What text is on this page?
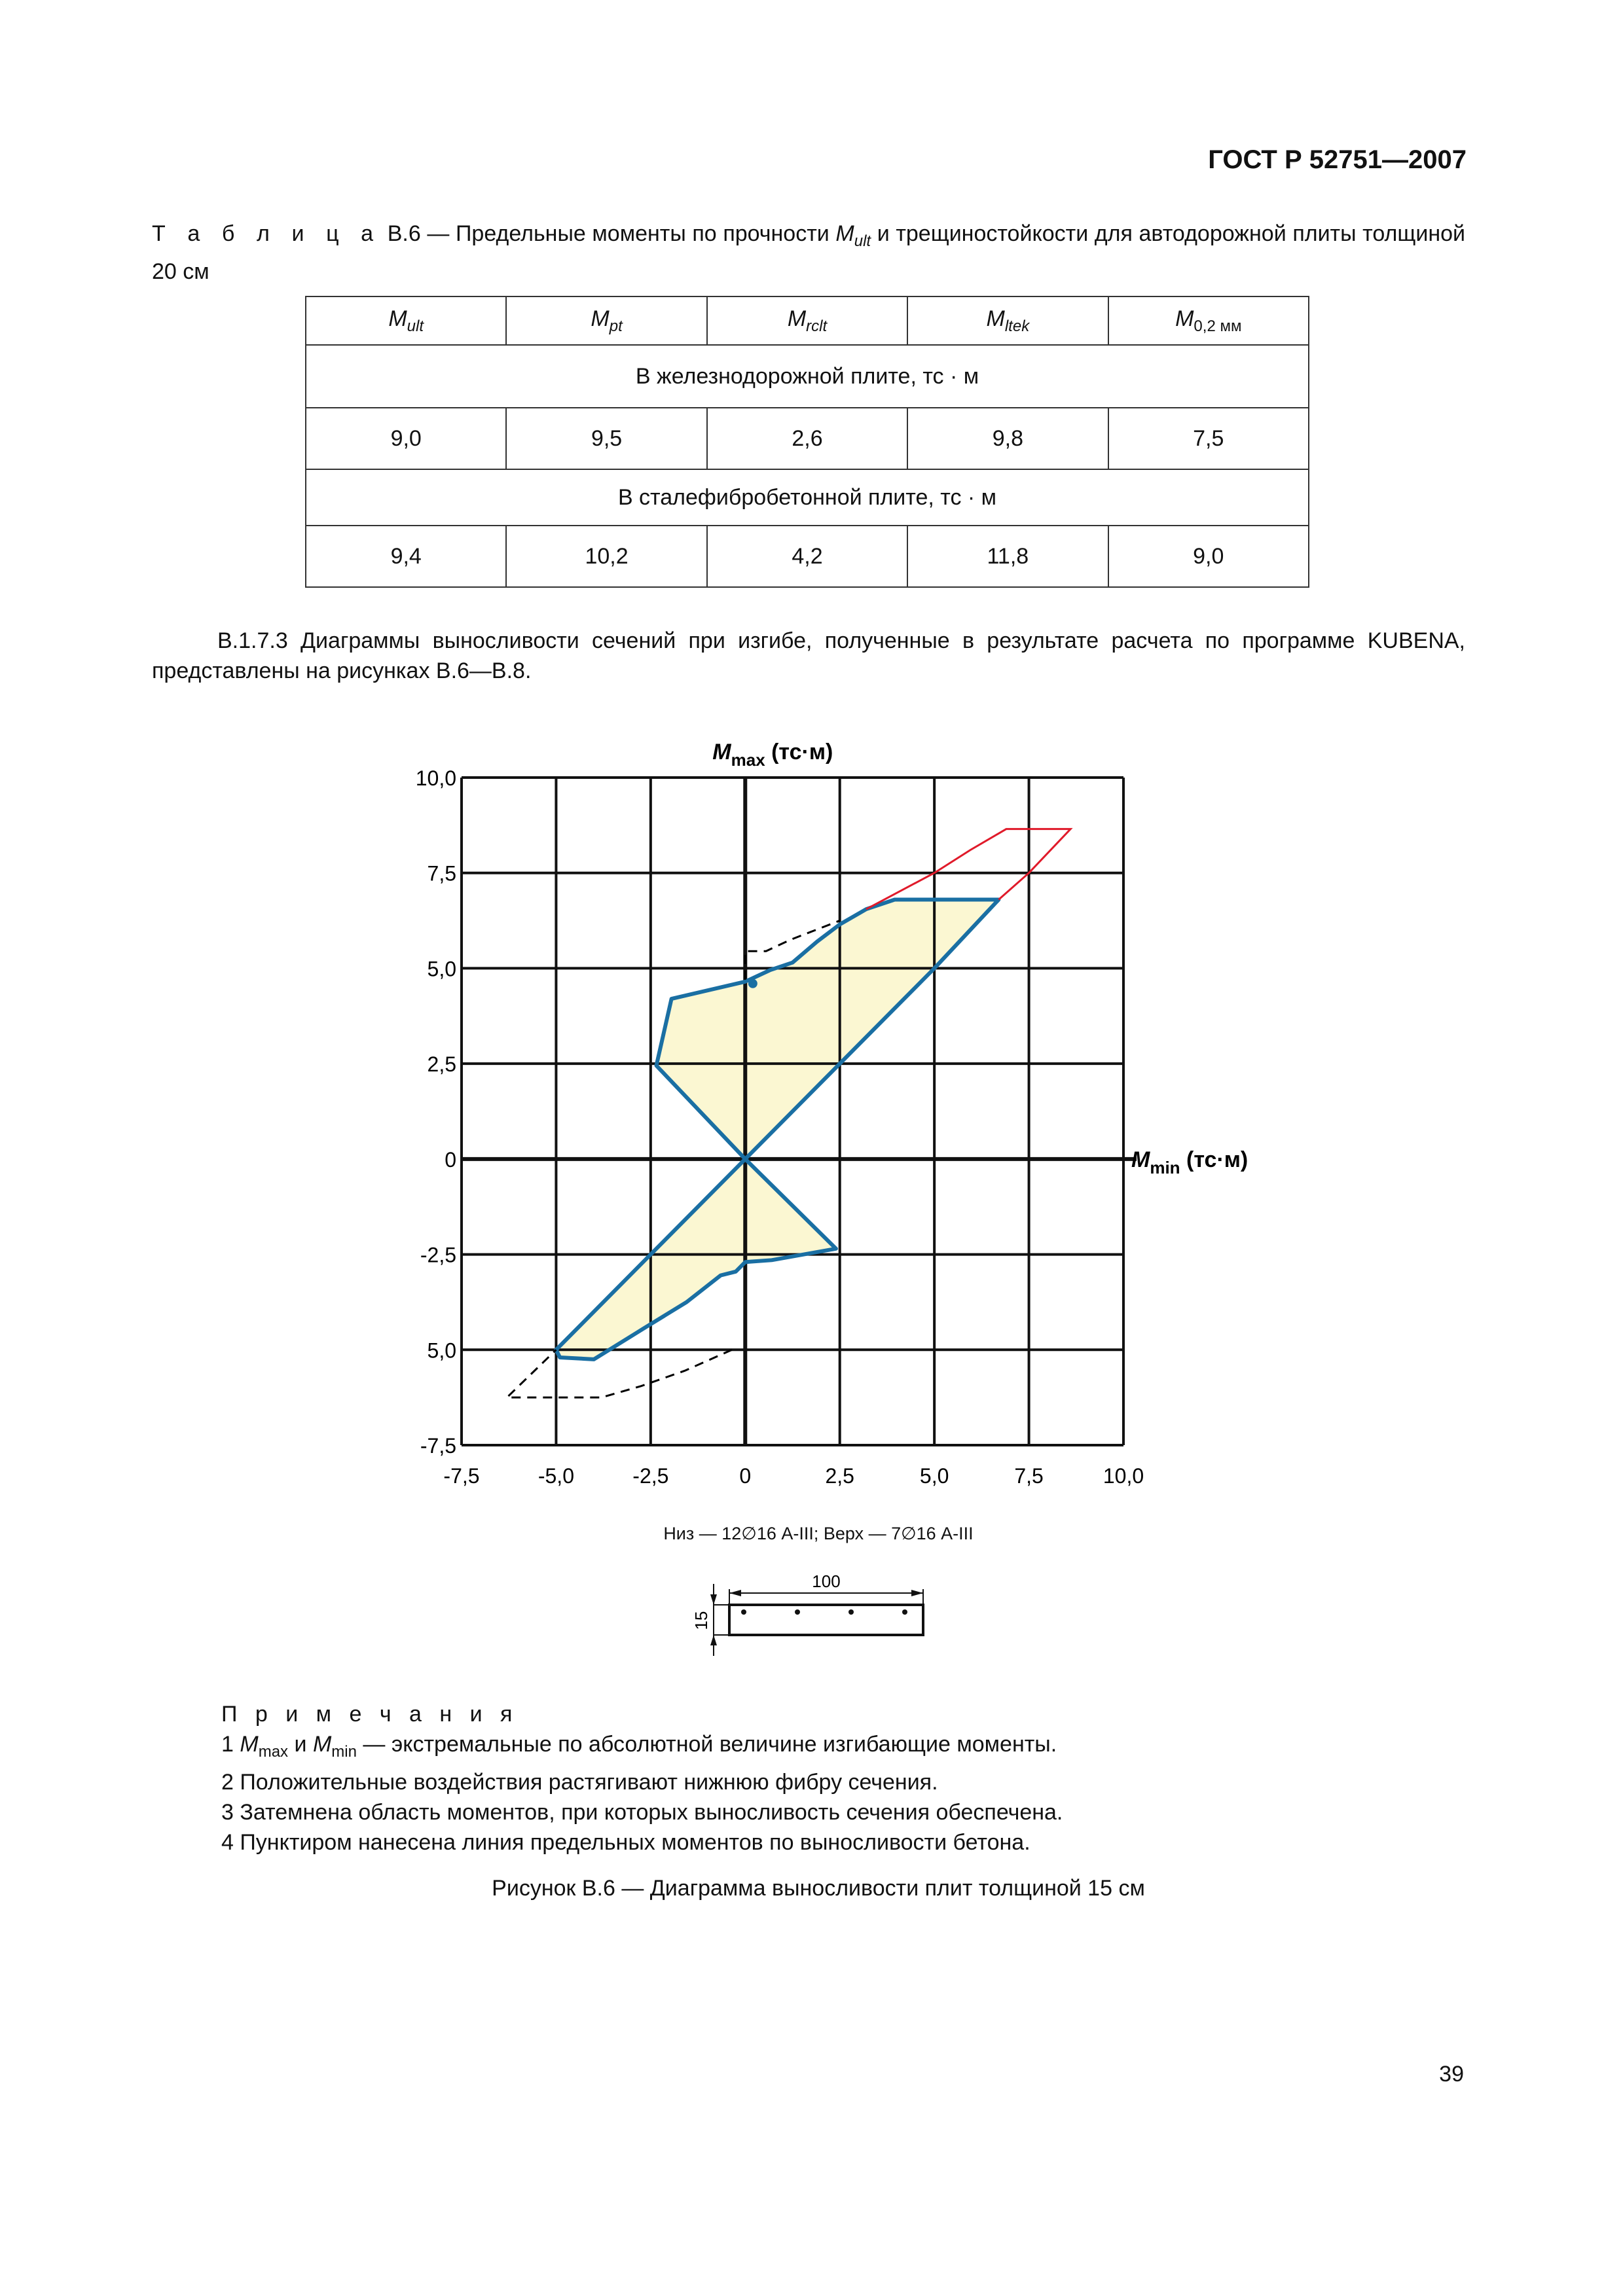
ГОСТ Р 52751—2007
Т а б л и ц а В.6 — Предельные моменты по прочности $M_{ult}$ и трещиностойкости для автодорожной плиты толщиной 20 см
$M_{ult}$	$M_{pt}$	$M_{rclt}$	$M_{ltek}$	$M_{0,2 мм}$
В железнодорожной плите, тс · м				
9,0	9,5	2,6	9,8	7,5
В сталефибробетонной плите, тс · м				
9,4	10,2	4,2	11,8	9,0
В.1.7.3 Диаграммы выносливости сечений при изгибе, полученные в результате расчета по программе KUBENA, представлены на рисунках В.6—В.8.
-7,5	-5,0	-2,5	0	2,5	5,0	7,5	10,0
10,0
7,5
5,0
2,5
0
-2,5
5,0
-7,5
$M_{max}$ (тс·м)
$M_{min}$ (тс·м)
Низ — 12∅16 А-III; Верх — 7∅16 А-III
100
15
П р и м е ч а н и я
1 $M_{max}$ и $M_{min}$ — экстремальные по абсолютной величине изгибающие моменты.
2 Положительные воздействия растягивают нижнюю фибру сечения.
3 Затемнена область моментов, при которых выносливость сечения обеспечена.
4 Пунктиром нанесена линия предельных моментов по выносливости бетона.
Рисунок В.6 — Диаграмма выносливости плит толщиной 15 см
39
